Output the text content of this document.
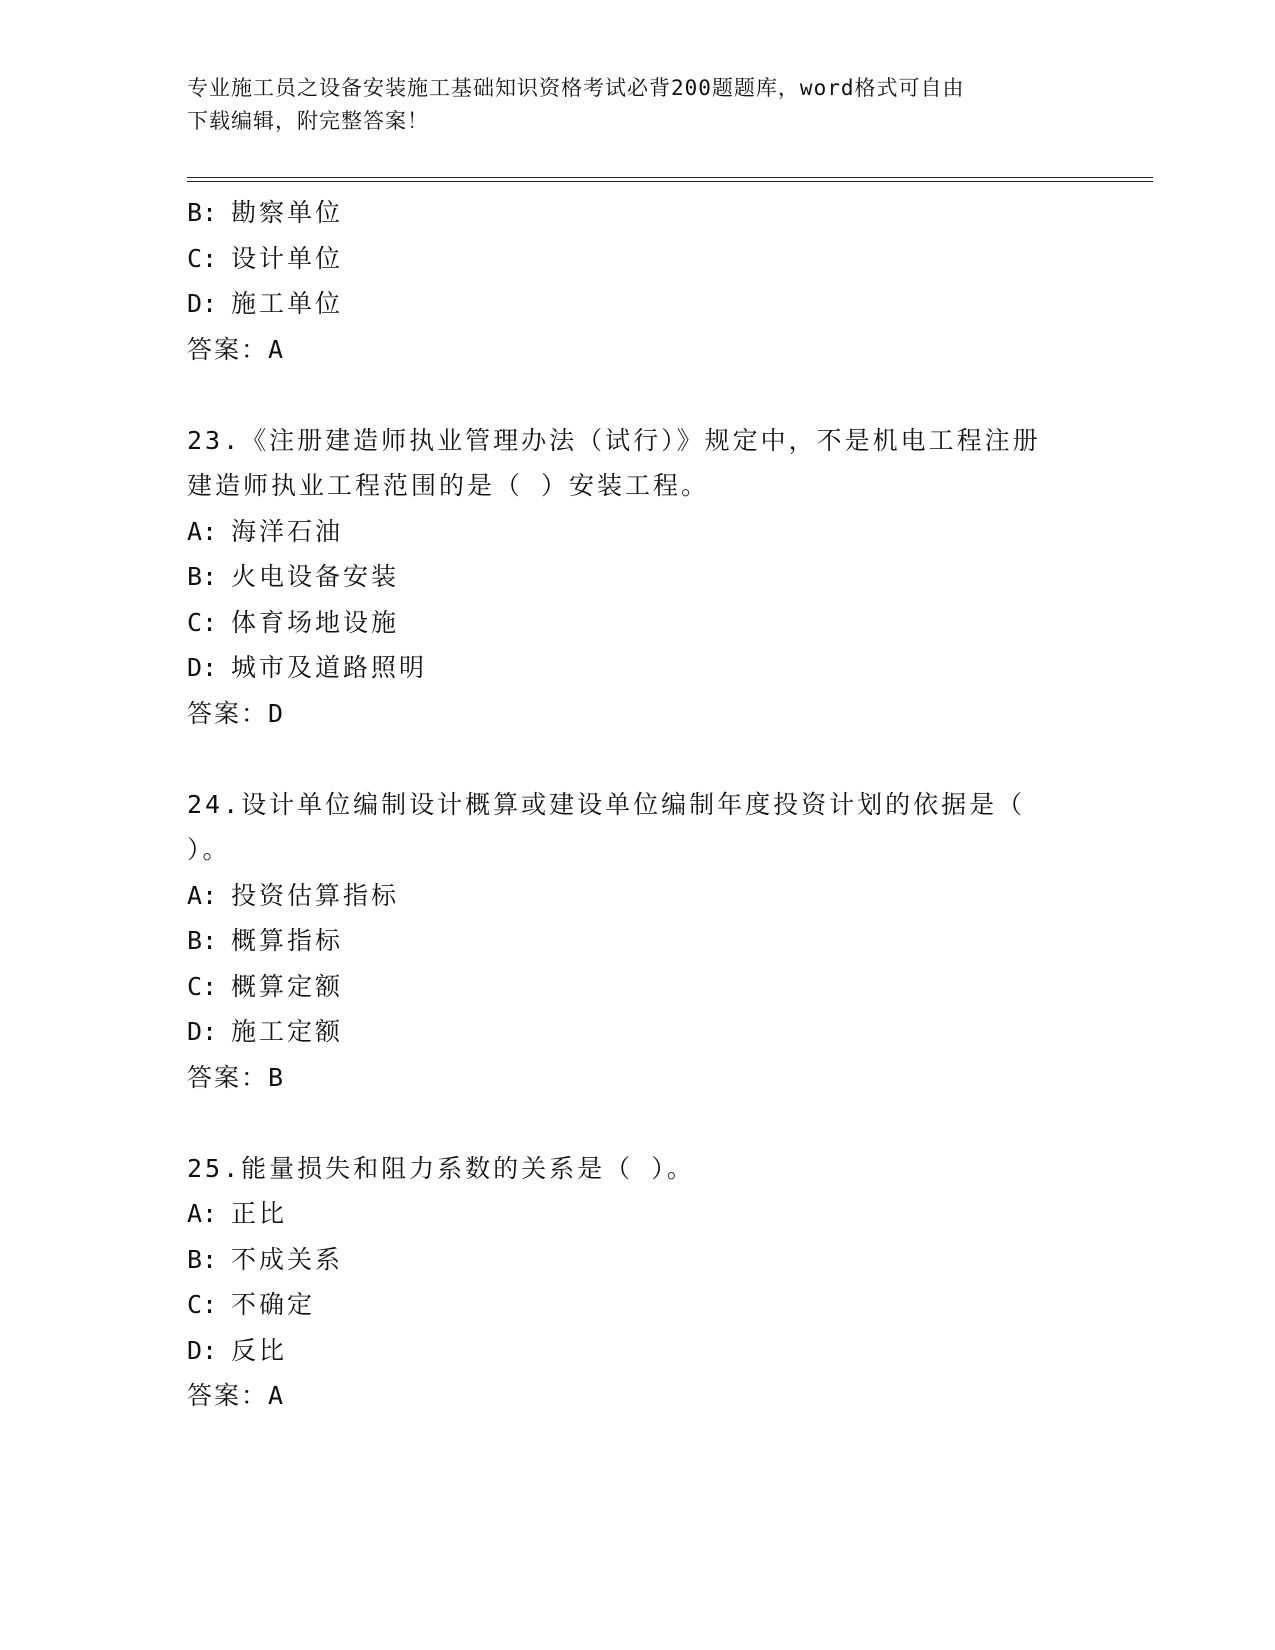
专业施工员之设备安装施工基础知识资格考试必背200题题库，word格式可自由
下载编辑，附完整答案！
B: 勘察单位
C: 设计单位
D: 施工单位
答案：A
23.《注册建造师执业管理办法（试行）》规定中，不是机电工程注册
建造师执业工程范围的是（ ）安装工程。
A: 海洋石油
B: 火电设备安装
C: 体育场地设施
D: 城市及道路照明
答案：D
24.设计单位编制设计概算或建设单位编制年度投资计划的依据是（
）。
A: 投资估算指标
B: 概算指标
C: 概算定额
D: 施工定额
答案：B
25.能量损失和阻力系数的关系是（ ）。
A: 正比
B: 不成关系
C: 不确定
D: 反比
答案：A
